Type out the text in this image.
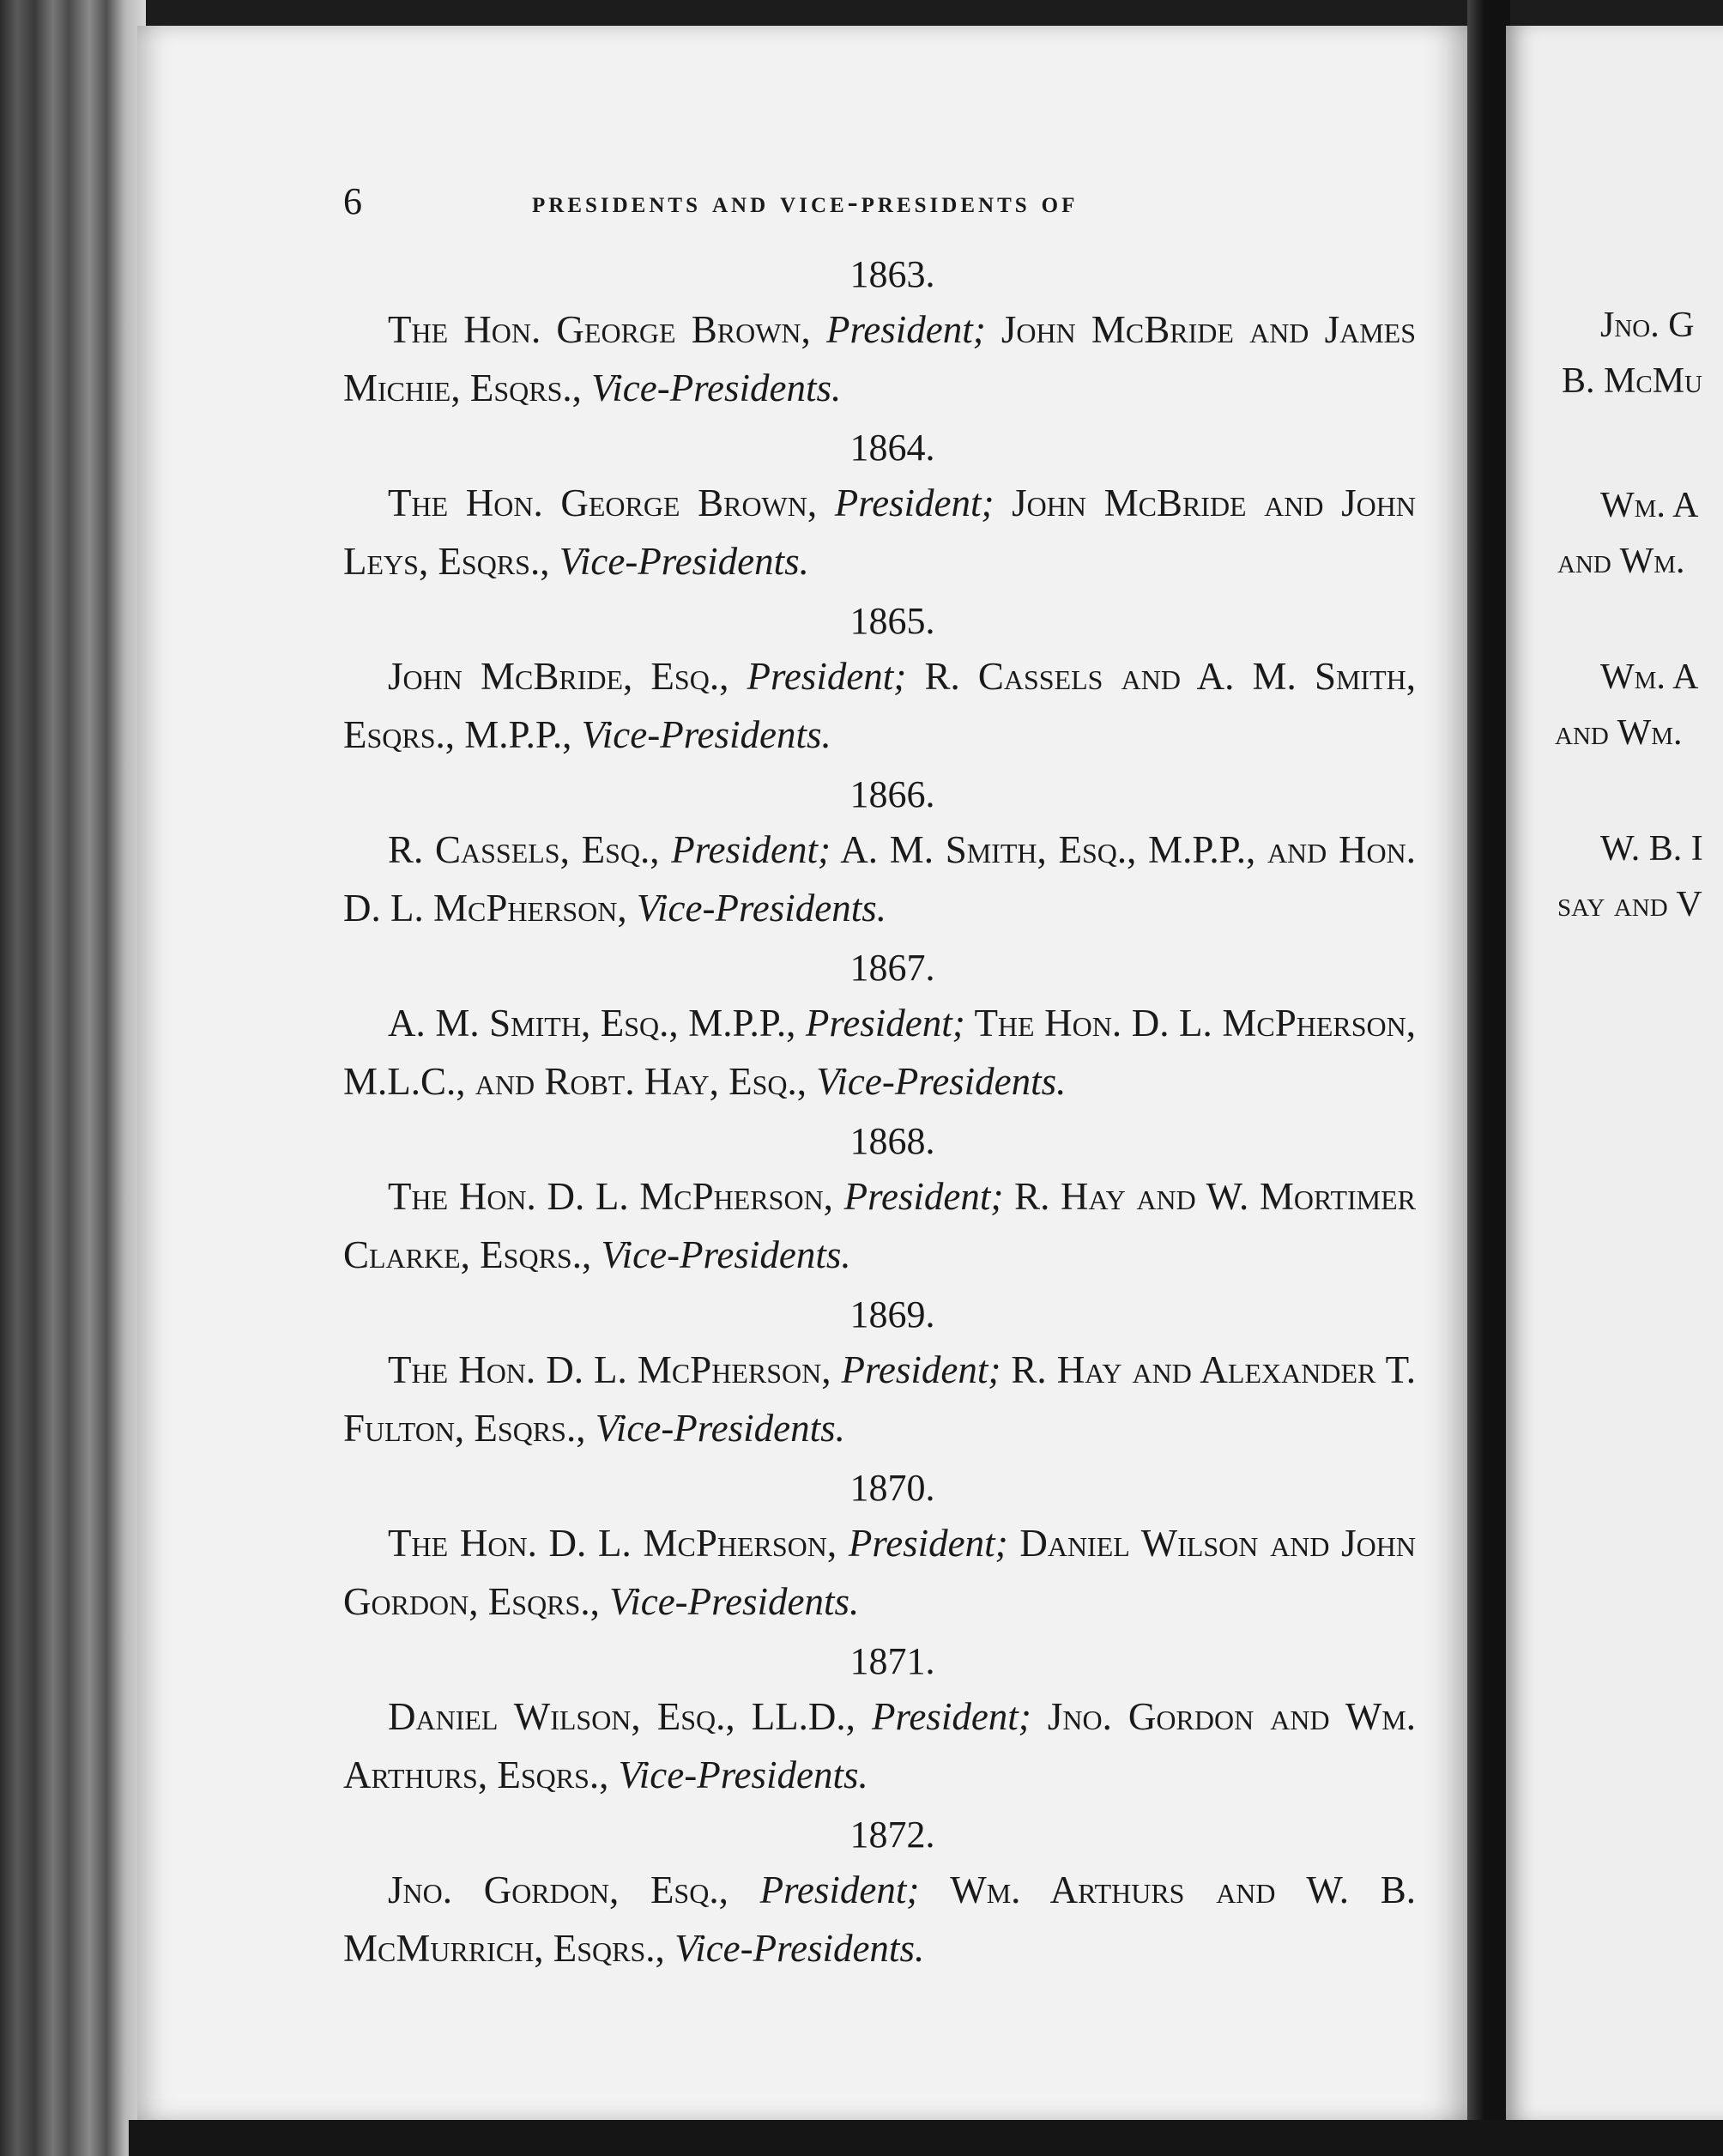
Jno. G
B. McMu
Wm. A
and Wm.
Wm. A
and Wm.
W. B. I
say and V
6	presidents and vice-presidents of
1863.
The Hon. George Brown, President; John McBride and James Michie, Esqrs., Vice-Presidents.
1864.
The Hon. George Brown, President; John McBride and John Leys, Esqrs., Vice-Presidents.
1865.
John McBride, Esq., President; R. Cassels and A. M. Smith, Esqrs., M.P.P., Vice-Presidents.
1866.
R. Cassels, Esq., President; A. M. Smith, Esq., M.P.P., and Hon. D. L. McPherson, Vice-Presidents.
1867.
A. M. Smith, Esq., M.P.P., President; The Hon. D. L. McPherson, M.L.C., and Robt. Hay, Esq., Vice-Presidents.
1868.
The Hon. D. L. McPherson, President; R. Hay and W. Mortimer Clarke, Esqrs., Vice-Presidents.
1869.
The Hon. D. L. McPherson, President; R. Hay and Alexander T. Fulton, Esqrs., Vice-Presidents.
1870.
The Hon. D. L. McPherson, President; Daniel Wilson and John Gordon, Esqrs., Vice-Presidents.
1871.
Daniel Wilson, Esq., LL.D., President; Jno. Gordon and Wm. Arthurs, Esqrs., Vice-Presidents.
1872.
Jno. Gordon, Esq., President; Wm. Arthurs and W. B. McMurrich, Esqrs., Vice-Presidents.
